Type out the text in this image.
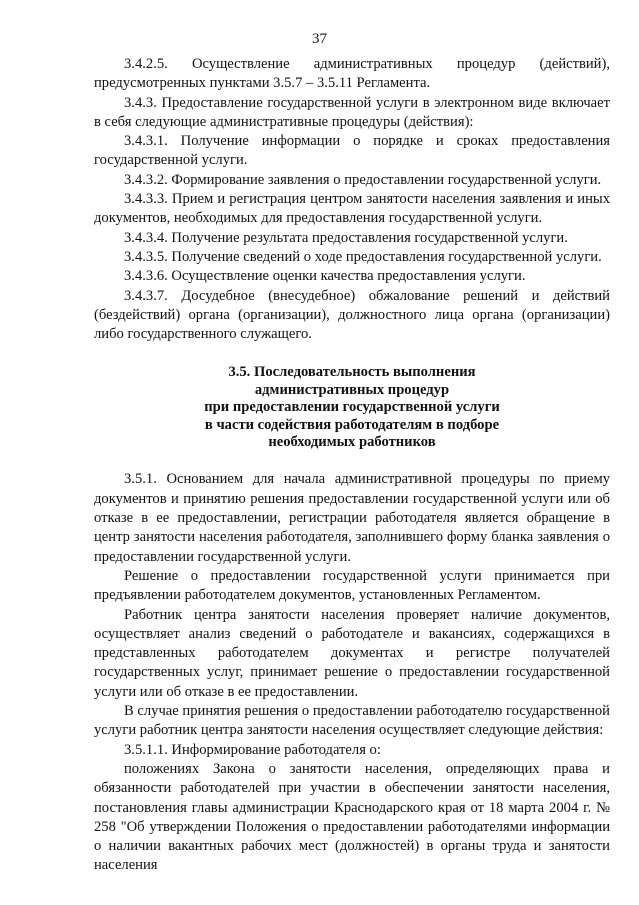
37

3.4.2.5. Осуществление административных процедур (действий), предусмотренных пунктами 3.5.7 – 3.5.11 Регламента.

3.4.3. Предоставление государственной услуги в электронном виде включает в себя следующие административные процедуры (действия):

3.4.3.1. Получение информации о порядке и сроках предоставления государственной услуги.

3.4.3.2. Формирование заявления о предоставлении государственной услуги.

3.4.3.3. Прием и регистрация центром занятости населения заявления и иных документов, необходимых для предоставления государственной услуги.

3.4.3.4. Получение результата предоставления государственной услуги.

3.4.3.5. Получение сведений о ходе предоставления государственной услуги.

3.4.3.6. Осуществление оценки качества предоставления услуги.

3.4.3.7. Досудебное (внесудебное) обжалование решений и действий (бездействий) органа (организации), должностного лица органа (организации) либо государственного служащего.

3.5. Последовательность выполнения
административных процедур
при предоставлении государственной услуги
в части содействия работодателям в подборе
необходимых работников

3.5.1. Основанием для начала административной процедуры по приему документов и принятию решения предоставлении государственной услуги или об отказе в ее предоставлении, регистрации работодателя является обращение в центр занятости населения работодателя, заполнившего форму бланка заявления о предоставлении государственной услуги.

Решение о предоставлении государственной услуги принимается при предъявлении работодателем документов, установленных Регламентом.

Работник центра занятости населения проверяет наличие документов, осуществляет анализ сведений о работодателе и вакансиях, содержащихся в представленных работодателем документах и регистре получателей государственных услуг, принимает решение о предоставлении государственной услуги или об отказе в ее предоставлении.

В случае принятия решения о предоставлении работодателю государственной услуги работник центра занятости населения осуществляет следующие действия:

3.5.1.1. Информирование работодателя о:

положениях Закона о занятости населения, определяющих права и обязанности работодателей при участии в обеспечении занятости населения, постановления главы администрации Краснодарского края от 18 марта 2004 г. № 258 "Об утверждении Положения о предоставлении работодателями информации о наличии вакантных рабочих мест (должностей) в органы труда и занятости населения
